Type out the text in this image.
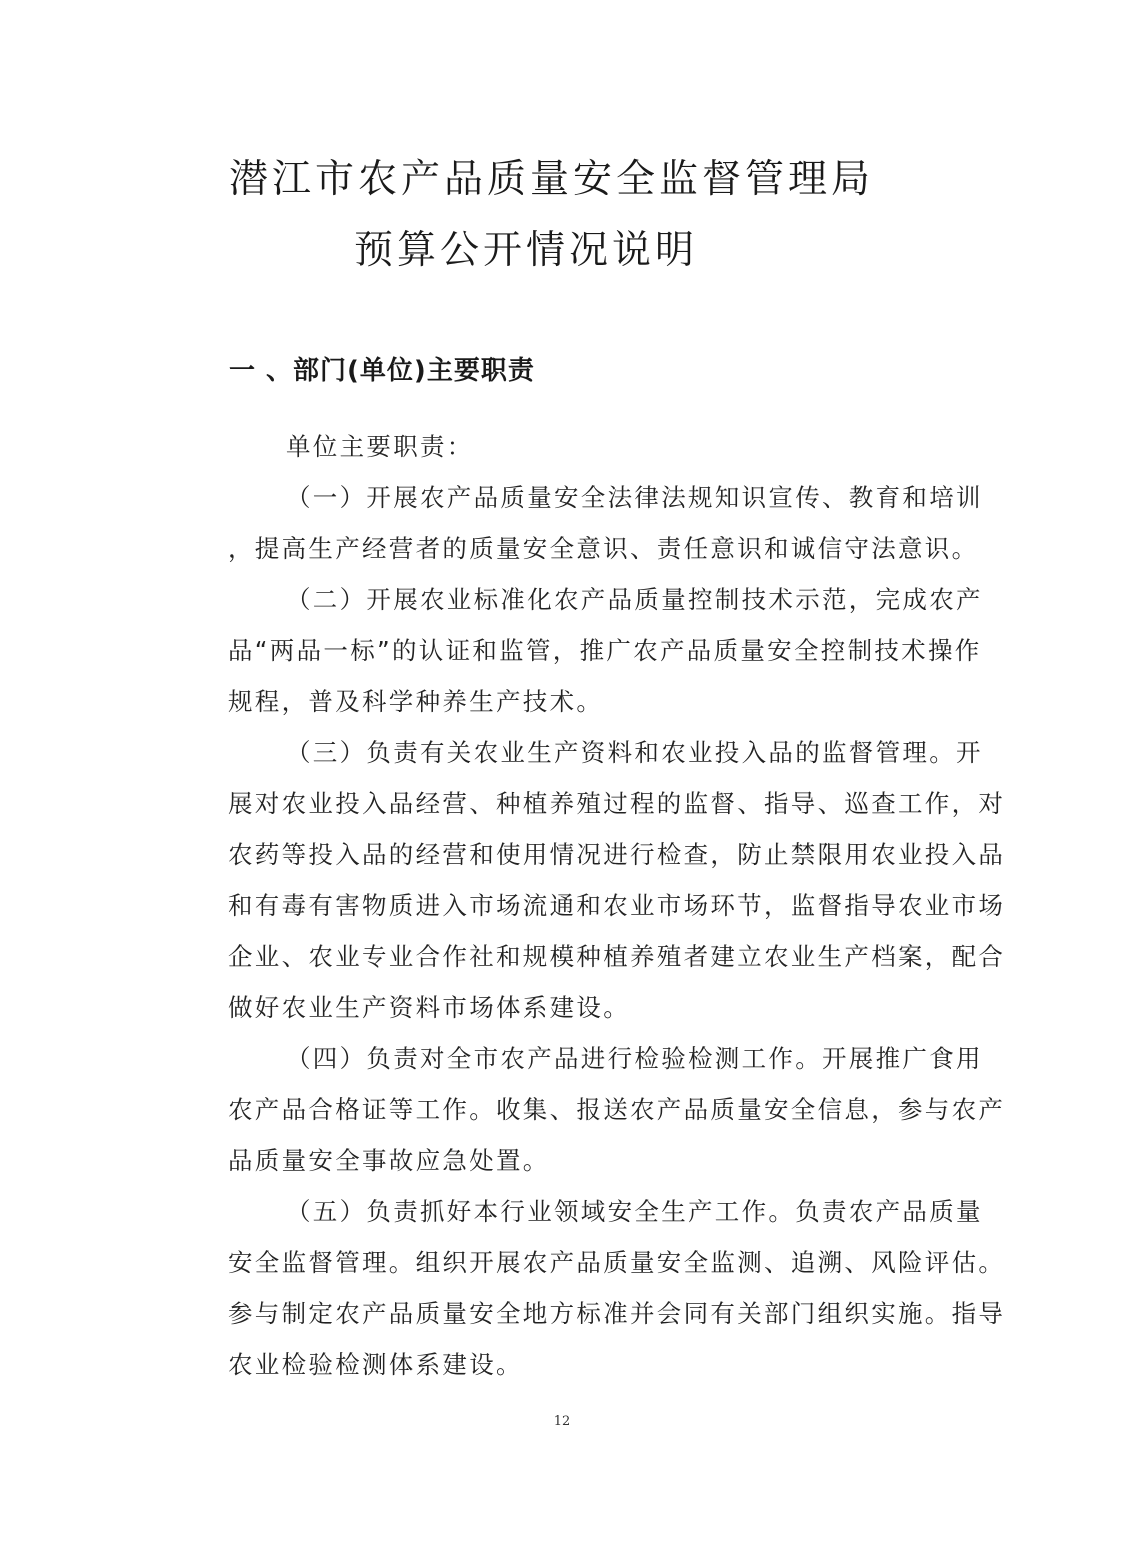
潜江市农产品质量安全监督管理局
预算公开情况说明
一 、部门(单位)主要职责

单位主要职责：

（一）开展农产品质量安全法律法规知识宣传、教育和培训
，提高生产经营者的质量安全意识、责任意识和诚信守法意识。

（二）开展农业标准化农产品质量控制技术示范，完成农产
品“两品一标”的认证和监管，推广农产品质量安全控制技术操作
规程，普及科学种养生产技术。

（三）负责有关农业生产资料和农业投入品的监督管理。开
展对农业投入品经营、种植养殖过程的监督、指导、巡查工作，对
农药等投入品的经营和使用情况进行检查，防止禁限用农业投入品
和有毒有害物质进入市场流通和农业市场环节，监督指导农业市场
企业、农业专业合作社和规模种植养殖者建立农业生产档案，配合
做好农业生产资料市场体系建设。

（四）负责对全市农产品进行检验检测工作。开展推广食用
农产品合格证等工作。收集、报送农产品质量安全信息，参与农产
品质量安全事故应急处置。

（五）负责抓好本行业领域安全生产工作。负责农产品质量
安全监督管理。组织开展农产品质量安全监测、追溯、风险评估。
参与制定农产品质量安全地方标准并会同有关部门组织实施。指导
农业检验检测体系建设。

12
